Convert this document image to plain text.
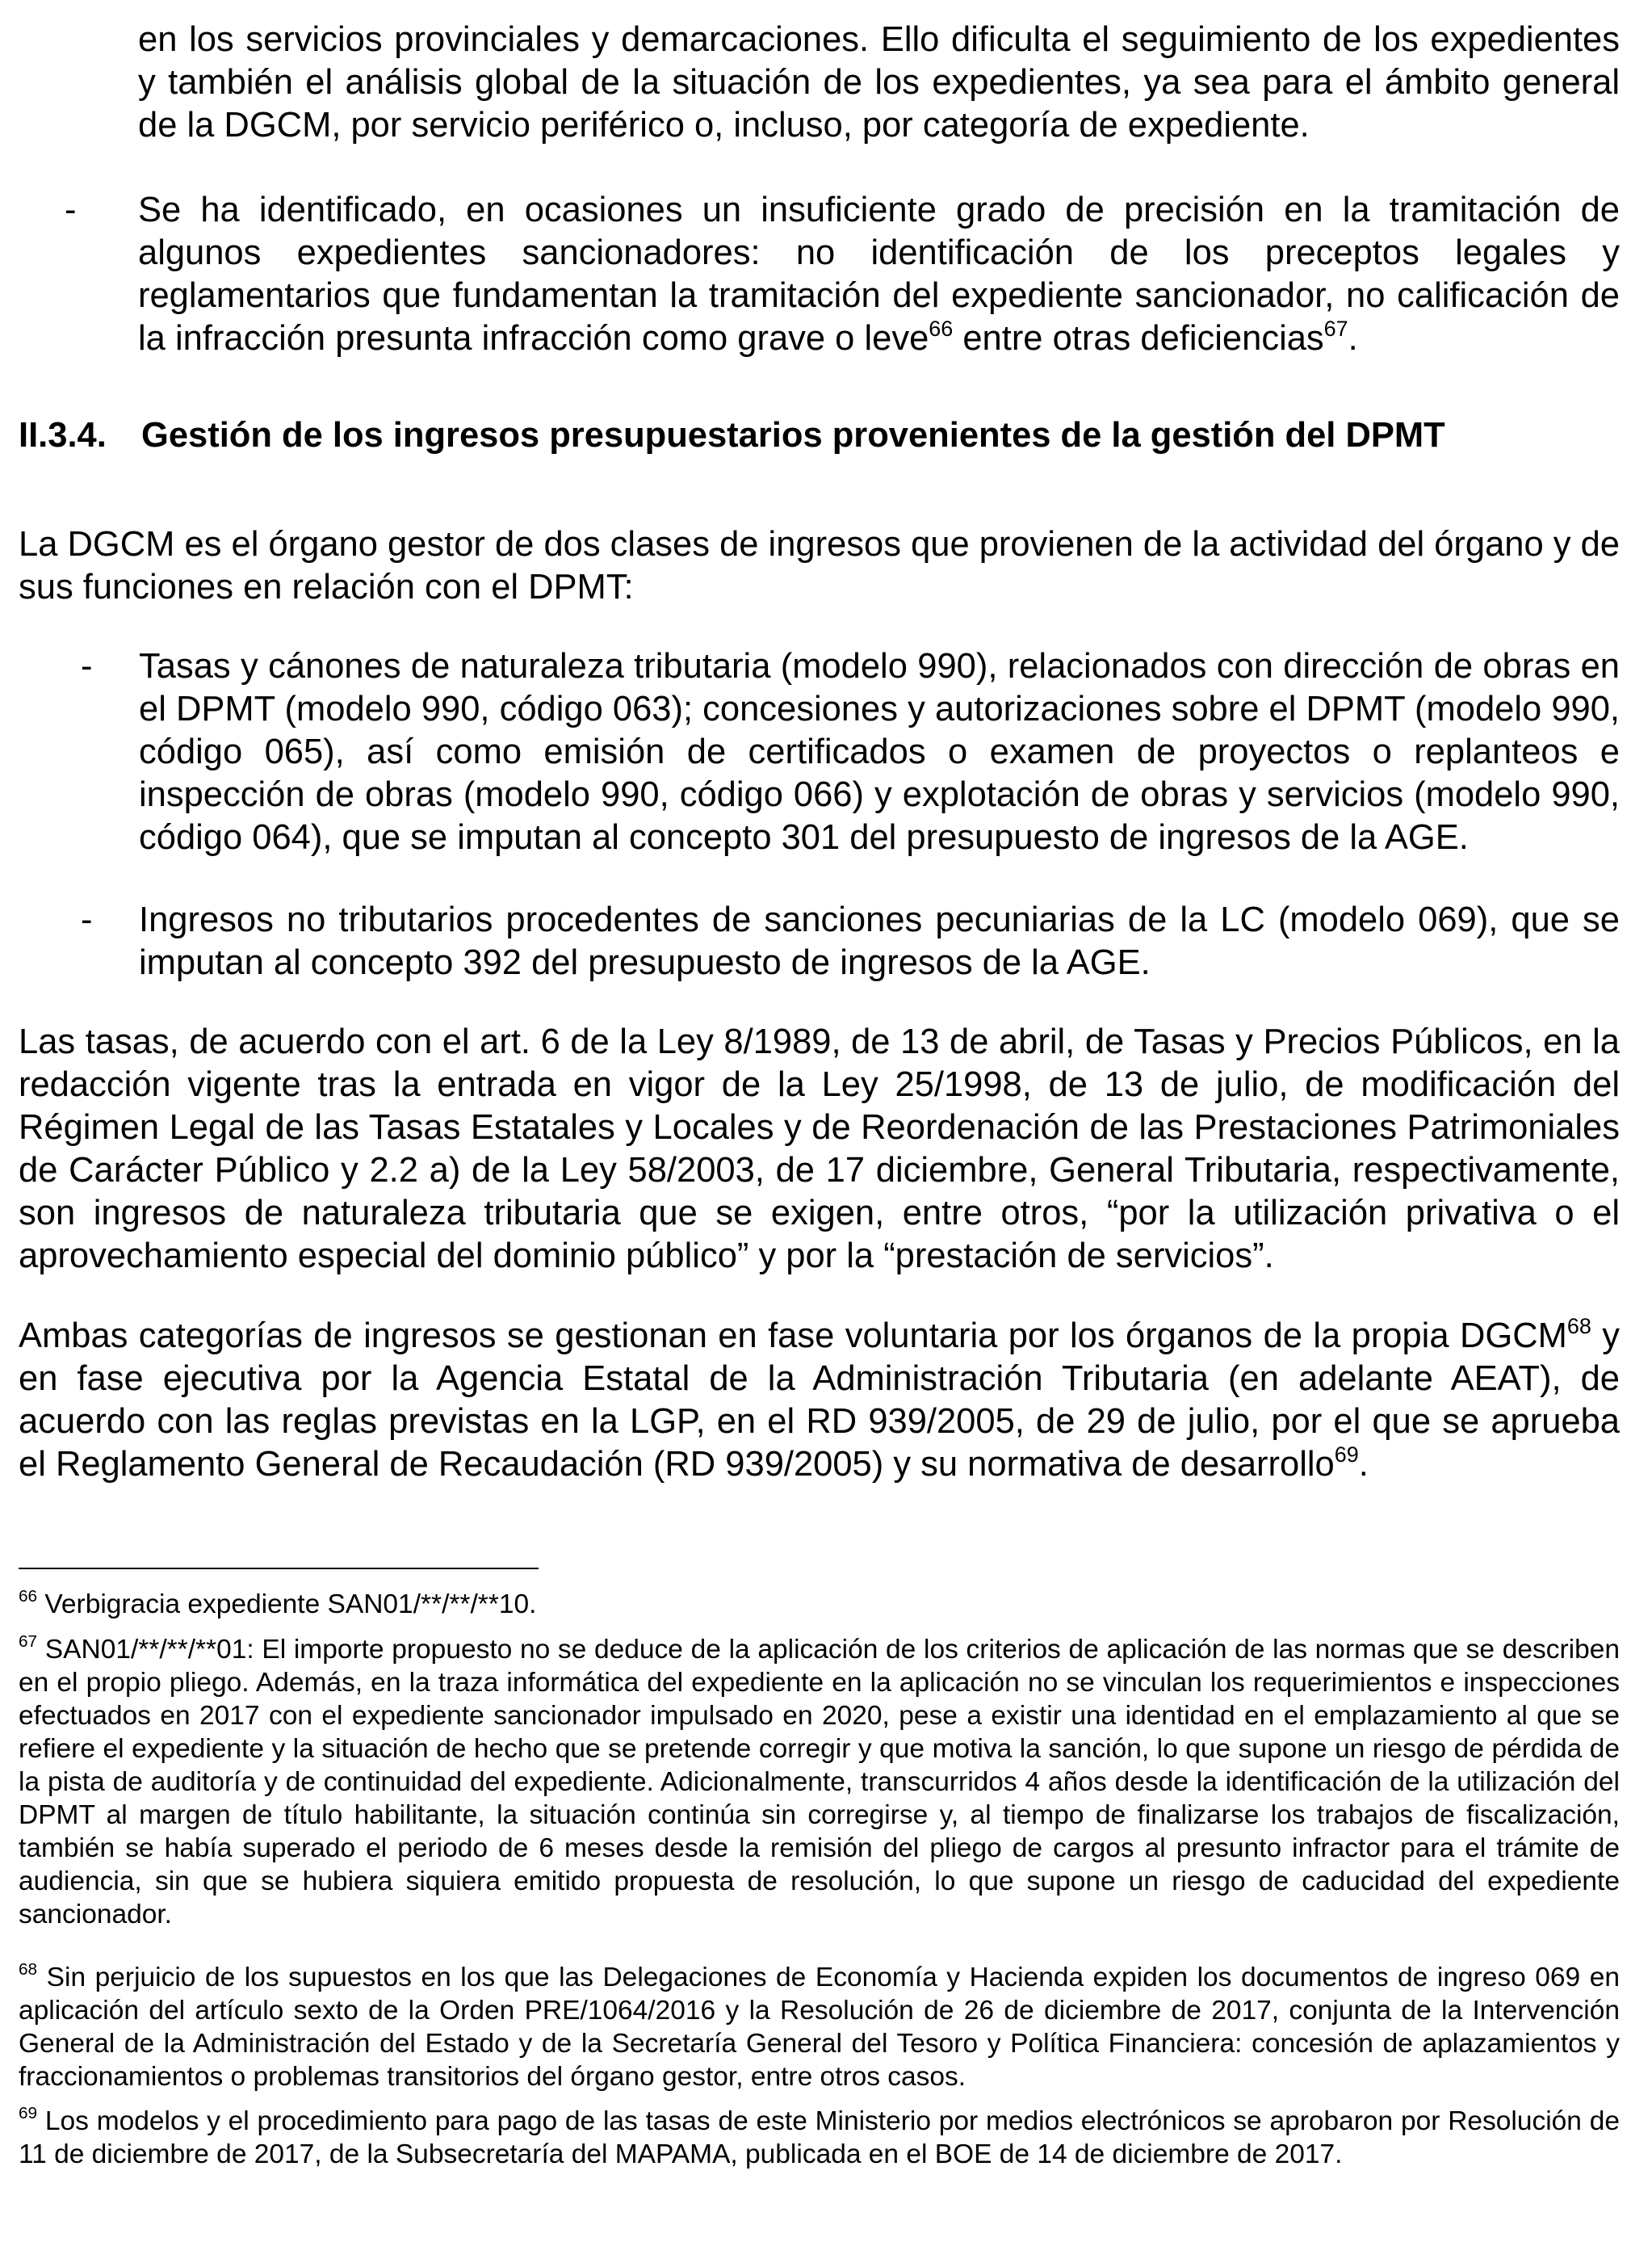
en los servicios provinciales y demarcaciones. Ello dificulta el seguimiento de los expedientes y también el análisis global de la situación de los expedientes, ya sea para el ámbito general de la DGCM, por servicio periférico o, incluso, por categoría de expediente.

- Se ha identificado, en ocasiones un insuficiente grado de precisión en la tramitación de algunos expedientes sancionadores: no identificación de los preceptos legales y reglamentarios que fundamentan la tramitación del expediente sancionador, no calificación de la infracción presunta infracción como grave o leve$^{66}$ entre otras deficiencias$^{67}$.

II.3.4. Gestión de los ingresos presupuestarios provenientes de la gestión del DPMT

La DGCM es el órgano gestor de dos clases de ingresos que provienen de la actividad del órgano y de sus funciones en relación con el DPMT:

- Tasas y cánones de naturaleza tributaria (modelo 990), relacionados con dirección de obras en el DPMT (modelo 990, código 063); concesiones y autorizaciones sobre el DPMT (modelo 990, código 065), así como emisión de certificados o examen de proyectos o replanteos e inspección de obras (modelo 990, código 066) y explotación de obras y servicios (modelo 990, código 064), que se imputan al concepto 301 del presupuesto de ingresos de la AGE.

- Ingresos no tributarios procedentes de sanciones pecuniarias de la LC (modelo 069), que se imputan al concepto 392 del presupuesto de ingresos de la AGE.

Las tasas, de acuerdo con el art. 6 de la Ley 8/1989, de 13 de abril, de Tasas y Precios Públicos, en la redacción vigente tras la entrada en vigor de la Ley 25/1998, de 13 de julio, de modificación del Régimen Legal de las Tasas Estatales y Locales y de Reordenación de las Prestaciones Patrimoniales de Carácter Público y 2.2 a) de la Ley 58/2003, de 17 diciembre, General Tributaria, respectivamente, son ingresos de naturaleza tributaria que se exigen, entre otros, “por la utilización privativa o el aprovechamiento especial del dominio público” y por la “prestación de servicios”.

Ambas categorías de ingresos se gestionan en fase voluntaria por los órganos de la propia DGCM$^{68}$ y en fase ejecutiva por la Agencia Estatal de la Administración Tributaria (en adelante AEAT), de acuerdo con las reglas previstas en la LGP, en el RD 939/2005, de 29 de julio, por el que se aprueba el Reglamento General de Recaudación (RD 939/2005) y su normativa de desarrollo$^{69}$.

$^{66}$ Verbigracia expediente SAN01/**/**/**10.

$^{67}$ SAN01/**/**/**01: El importe propuesto no se deduce de la aplicación de los criterios de aplicación de las normas que se describen en el propio pliego. Además, en la traza informática del expediente en la aplicación no se vinculan los requerimientos e inspecciones efectuados en 2017 con el expediente sancionador impulsado en 2020, pese a existir una identidad en el emplazamiento al que se refiere el expediente y la situación de hecho que se pretende corregir y que motiva la sanción, lo que supone un riesgo de pérdida de la pista de auditoría y de continuidad del expediente. Adicionalmente, transcurridos 4 años desde la identificación de la utilización del DPMT al margen de título habilitante, la situación continúa sin corregirse y, al tiempo de finalizarse los trabajos de fiscalización, también se había superado el periodo de 6 meses desde la remisión del pliego de cargos al presunto infractor para el trámite de audiencia, sin que se hubiera siquiera emitido propuesta de resolución, lo que supone un riesgo de caducidad del expediente sancionador.

$^{68}$ Sin perjuicio de los supuestos en los que las Delegaciones de Economía y Hacienda expiden los documentos de ingreso 069 en aplicación del artículo sexto de la Orden PRE/1064/2016 y la Resolución de 26 de diciembre de 2017, conjunta de la Intervención General de la Administración del Estado y de la Secretaría General del Tesoro y Política Financiera: concesión de aplazamientos y fraccionamientos o problemas transitorios del órgano gestor, entre otros casos.

$^{69}$ Los modelos y el procedimiento para pago de las tasas de este Ministerio por medios electrónicos se aprobaron por Resolución de 11 de diciembre de 2017, de la Subsecretaría del MAPAMA, publicada en el BOE de 14 de diciembre de 2017.
